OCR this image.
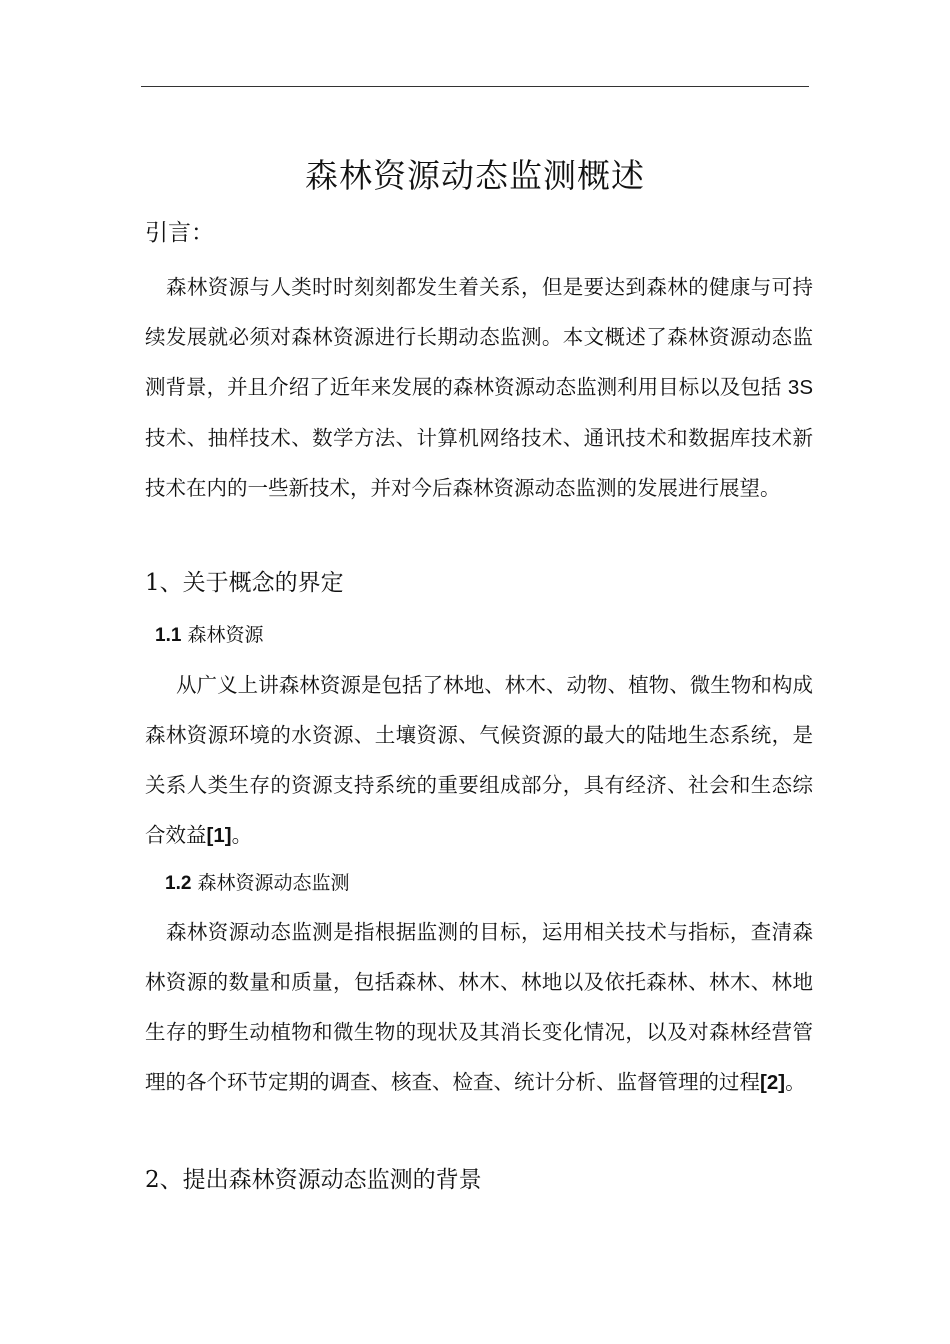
森林资源动态监测概述
引言：
森林资源与人类时时刻刻都发生着关系，但是要达到森林的健康与可持续发展就必须对森林资源进行长期动态监测。本文概述了森林资源动态监测背景，并且介绍了近年来发展的森林资源动态监测利用目标以及包括 3S 技术、抽样技术、数学方法、计算机网络技术、通讯技术和数据库技术新技术在内的一些新技术，并对今后森林资源动态监测的发展进行展望。
1、关于概念的界定
1.1 森林资源
从广义上讲森林资源是包括了林地、林木、动物、植物、微生物和构成森林资源环境的水资源、土壤资源、气候资源的最大的陆地生态系统，是关系人类生存的资源支持系统的重要组成部分，具有经济、社会和生态综合效益[1]。
1.2 森林资源动态监测
森林资源动态监测是指根据监测的目标，运用相关技术与指标，查清森林资源的数量和质量，包括森林、林木、林地以及依托森林、林木、林地生存的野生动植物和微生物的现状及其消长变化情况，以及对森林经营管理的各个环节定期的调查、核查、检查、统计分析、监督管理的过程[2]。
2、提出森林资源动态监测的背景
